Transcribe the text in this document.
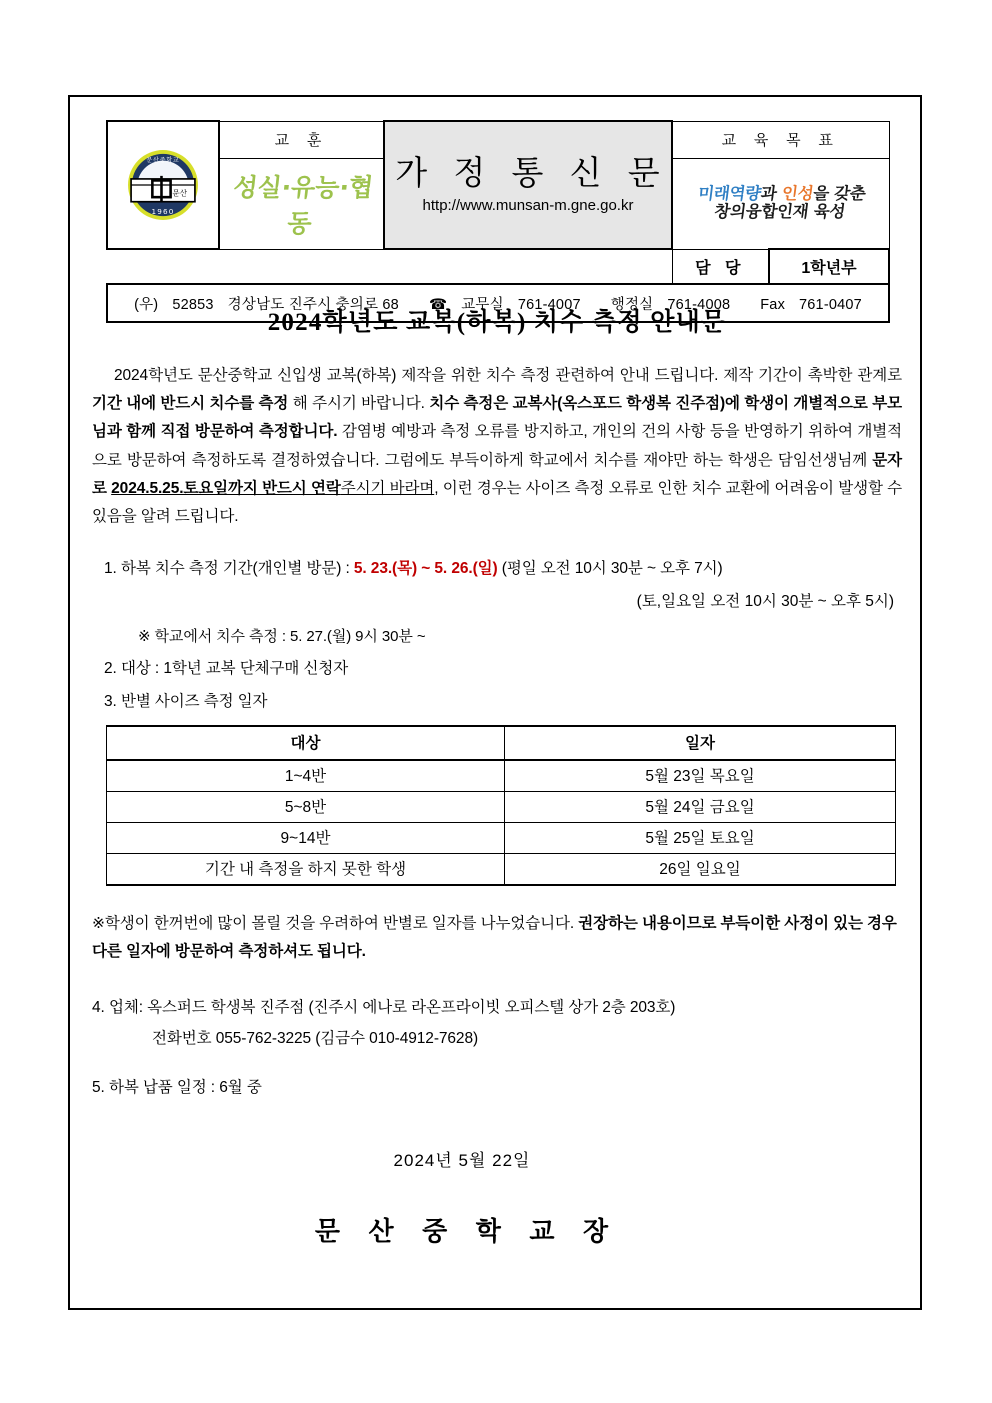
문산
1960
문산중학교
	교 훈	
가 정 통 신 문
http://www.munsan-m.gne.go.kr
	교 육 목 표

	성실·유능·협동		미래역량과 인성을 갖춘
창의융합인재 육성	

			담 당	1학년부

(우) 52853 경상남도 진주시 충의로 68 ☎ 교무실 761-4007 행정실 761-4008 Fax 761-0407				
2024학년도 교복(하복) 치수 측정 안내문

2024학년도 문산중학교 신입생 교복(하복) 제작을 위한 치수 측정 관련하여 안내 드립니다. 제작 기간이 촉박한 관계로 기간 내에 반드시 치수를 측정 해 주시기 바랍니다. 치수 측정은 교복사(옥스포드 학생복 진주점)에 학생이 개별적으로 부모님과 함께 직접 방문하여 측정합니다. 감염병 예방과 측정 오류를 방지하고, 개인의 건의 사항 등을 반영하기 위하여 개별적으로 방문하여 측정하도록 결정하였습니다. 그럼에도 부득이하게 학교에서 치수를 재야만 하는 학생은 담임선생님께 문자로 2024.5.25.토요일까지 반드시 연락주시기 바라며, 이런 경우는 사이즈 측정 오류로 인한 치수 교환에 어려움이 발생할 수 있음을 알려 드립니다.

1. 하복 치수 측정 기간(개인별 방문) : 5. 23.(목) ~ 5. 26.(일) (평일 오전 10시 30분 ~ 오후 7시)
(토,일요일 오전 10시 30분 ~ 오후 5시)
※ 학교에서 치수 측정 : 5. 27.(월) 9시 30분 ~
2. 대상 : 1학년 교복 단체구매 신청자
3. 반별 사이즈 측정 일자
대상	일자
1~4반	5월 23일 목요일
5~8반	5월 24일 금요일
9~14반	5월 25일 토요일
기간 내 측정을 하지 못한 학생	26일 일요일

※학생이 한꺼번에 많이 몰릴 것을 우려하여 반별로 일자를 나누었습니다. 권장하는 내용이므로 부득이한 사정이 있는 경우 다른 일자에 방문하여 측정하셔도 됩니다.

4. 업체: 옥스퍼드 학생복 진주점 (진주시 에나로 라온프라이빗 오피스텔 상가 2층 203호)
전화번호 055-762-3225 (김금수 010-4912-7628)
5. 하복 납품 일정 : 6월 중
2024년 5월 22일
문 산 중 학 교 장
